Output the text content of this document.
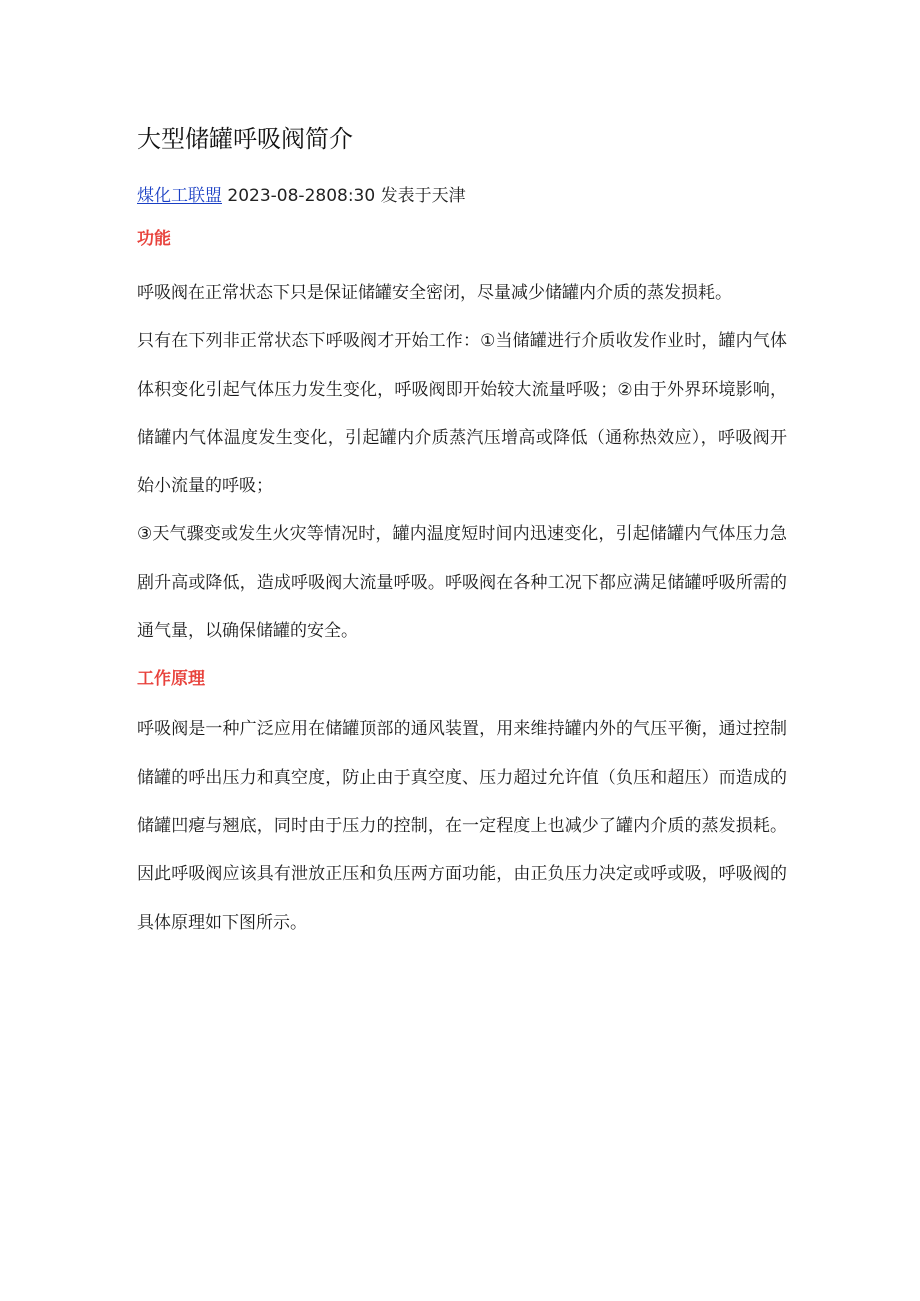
大型储罐呼吸阀简介
煤化工联盟 2023-08-2808:30 发表于天津
功能

呼吸阀在正常状态下只是保证储罐安全密闭，尽量减少储罐内介质的蒸发损耗。

只有在下列非正常状态下呼吸阀才开始工作：①当储罐进行介质收发作业时，罐内气体体积变化引起气体压力发生变化，呼吸阀即开始较大流量呼吸；②由于外界环境影响，储罐内气体温度发生变化，引起罐内介质蒸汽压增高或降低（通称热效应），呼吸阀开始小流量的呼吸；

③天气骤变或发生火灾等情况时，罐内温度短时间内迅速变化，引起储罐内气体压力急剧升高或降低，造成呼吸阀大流量呼吸。呼吸阀在各种工况下都应满足储罐呼吸所需的通气量，以确保储罐的安全。

工作原理

呼吸阀是一种广泛应用在储罐顶部的通风装置，用来维持罐内外的气压平衡，通过控制储罐的呼出压力和真空度，防止由于真空度、压力超过允许值（负压和超压）而造成的储罐凹瘪与翘底，同时由于压力的控制，在一定程度上也减少了罐内介质的蒸发损耗。因此呼吸阀应该具有泄放正压和负压两方面功能，由正负压力决定或呼或吸，呼吸阀的具体原理如下图所示。
